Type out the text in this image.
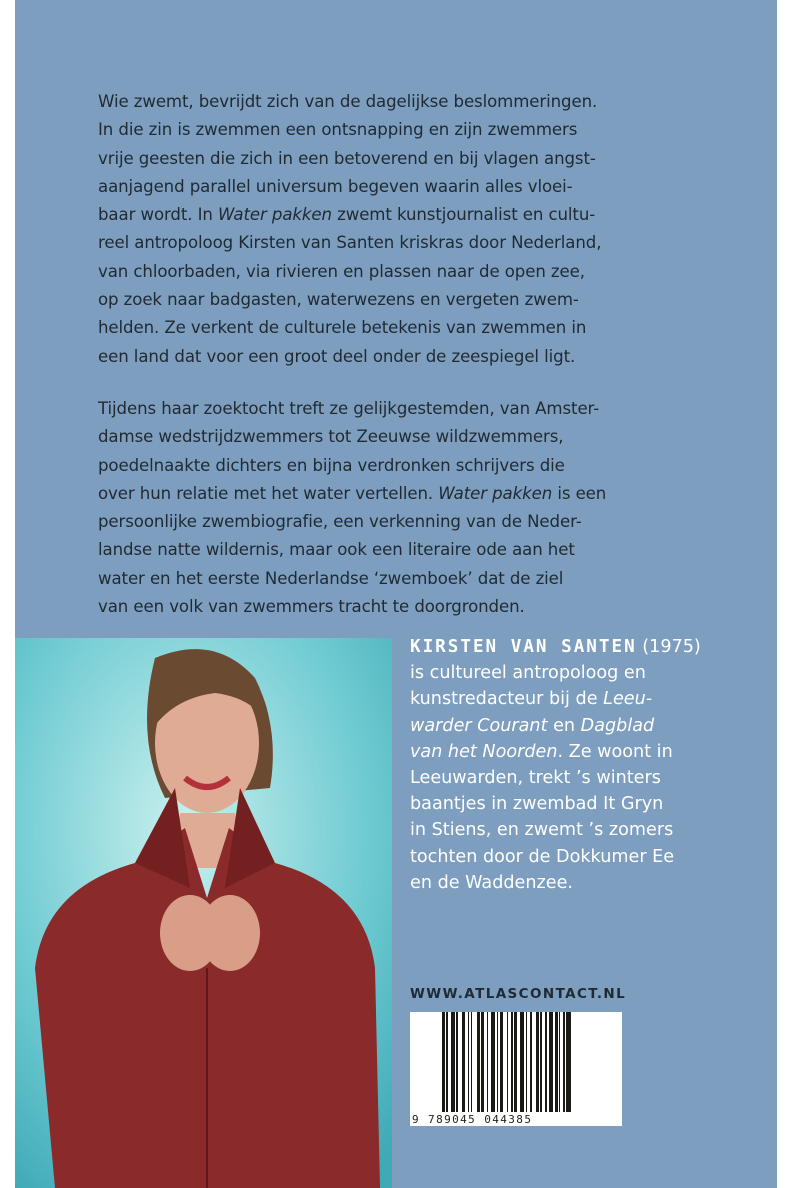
Wie zwemt, bevrijdt zich van de dagelijkse beslommeringen.
In die zin is zwemmen een ontsnapping en zijn zwemmers
vrije geesten die zich in een betoverend en bij vlagen angst-
aanjagend parallel universum begeven waarin alles vloei-
baar wordt. In Water pakken zwemt kunstjournalist en cultu-
reel antropoloog Kirsten van Santen kriskras door Nederland,
van chloorbaden, via rivieren en plassen naar de open zee,
op zoek naar badgasten, waterwezens en vergeten zwem-
helden. Ze verkent de culturele betekenis van zwemmen in
een land dat voor een groot deel onder de zeespiegel ligt.
Tijdens haar zoektocht treft ze gelijkgestemden, van Amster-
damse wedstrijdzwemmers tot Zeeuwse wildzwemmers,
poedelnaakte dichters en bijna verdronken schrijvers die
over hun relatie met het water vertellen. Water pakken is een
persoonlijke zwembiografie, een verkenning van de Neder-
landse natte wildernis, maar ook een literaire ode aan het
water en het eerste Nederlandse ‘zwemboek’ dat de ziel
van een volk van zwemmers tracht te doorgronden.
KIRSTEN VAN SANTEN (1975)
is cultureel antropoloog en
kunstredacteur bij de Leeu-
warder Courant en Dagblad
van het Noorden. Ze woont in
Leeuwarden, trekt ’s winters
baantjes in zwembad It Gryn
in Stiens, en zwemt ’s zomers
tochten door de Dokkumer Ee
en de Waddenzee.
WWW.ATLASCONTACT.NL
9 789045 044385
